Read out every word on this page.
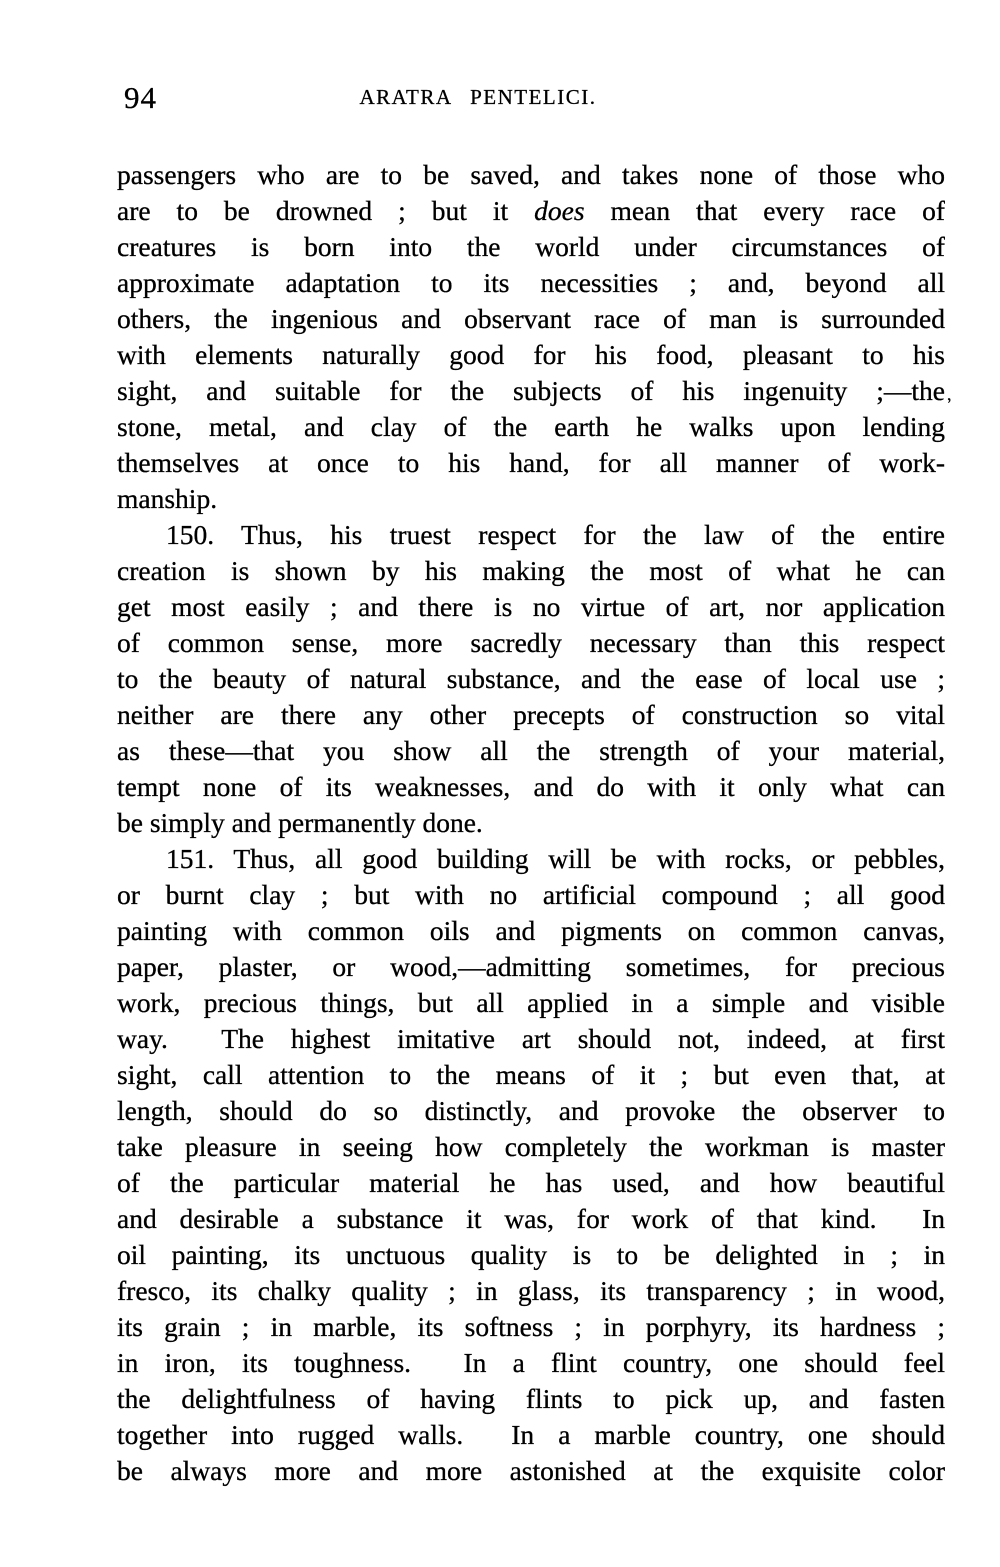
94	ARATRA PENTELICI.
passengers who are to be saved, and takes none of those who
are to be drowned ; but it does mean that every race of
creatures is born into the world under circumstances of
approximate adaptation to its necessities ; and, beyond all
others, the ingenious and observant race of man is surrounded
with elements naturally good for his food, pleasant to his
sight, and suitable for the subjects of his ingenuity ;—the
stone, metal, and clay of the earth he walks upon lending
themselves at once to his hand, for all manner of work-
manship.
150. Thus, his truest respect for the law of the entire
creation is shown by his making the most of what he can
get most easily ; and there is no virtue of art, nor application
of common sense, more sacredly necessary than this respect
to the beauty of natural substance, and the ease of local use ;
neither are there any other precepts of construction so vital
as these—that you show all the strength of your material,
tempt none of its weaknesses, and do with it only what can
be simply and permanently done.
151. Thus, all good building will be with rocks, or pebbles,
or burnt clay ; but with no artificial compound ; all good
painting with common oils and pigments on common canvas,
paper, plaster, or wood,—admitting sometimes, for precious
work, precious things, but all applied in a simple and visible
way.  The highest imitative art should not, indeed, at first
sight, call attention to the means of it ; but even that, at
length, should do so distinctly, and provoke the observer to
take pleasure in seeing how completely the workman is master
of the particular material he has used, and how beautiful
and desirable a substance it was, for work of that kind.  In
oil painting, its unctuous quality is to be delighted in ; in
fresco, its chalky quality ; in glass, its transparency ; in wood,
its grain ; in marble, its softness ; in porphyry, its hardness ;
in iron, its toughness.  In a flint country, one should feel
the delightfulness of having flints to pick up, and fasten
together into rugged walls.  In a marble country, one should
be always more and more astonished at the exquisite color
,
